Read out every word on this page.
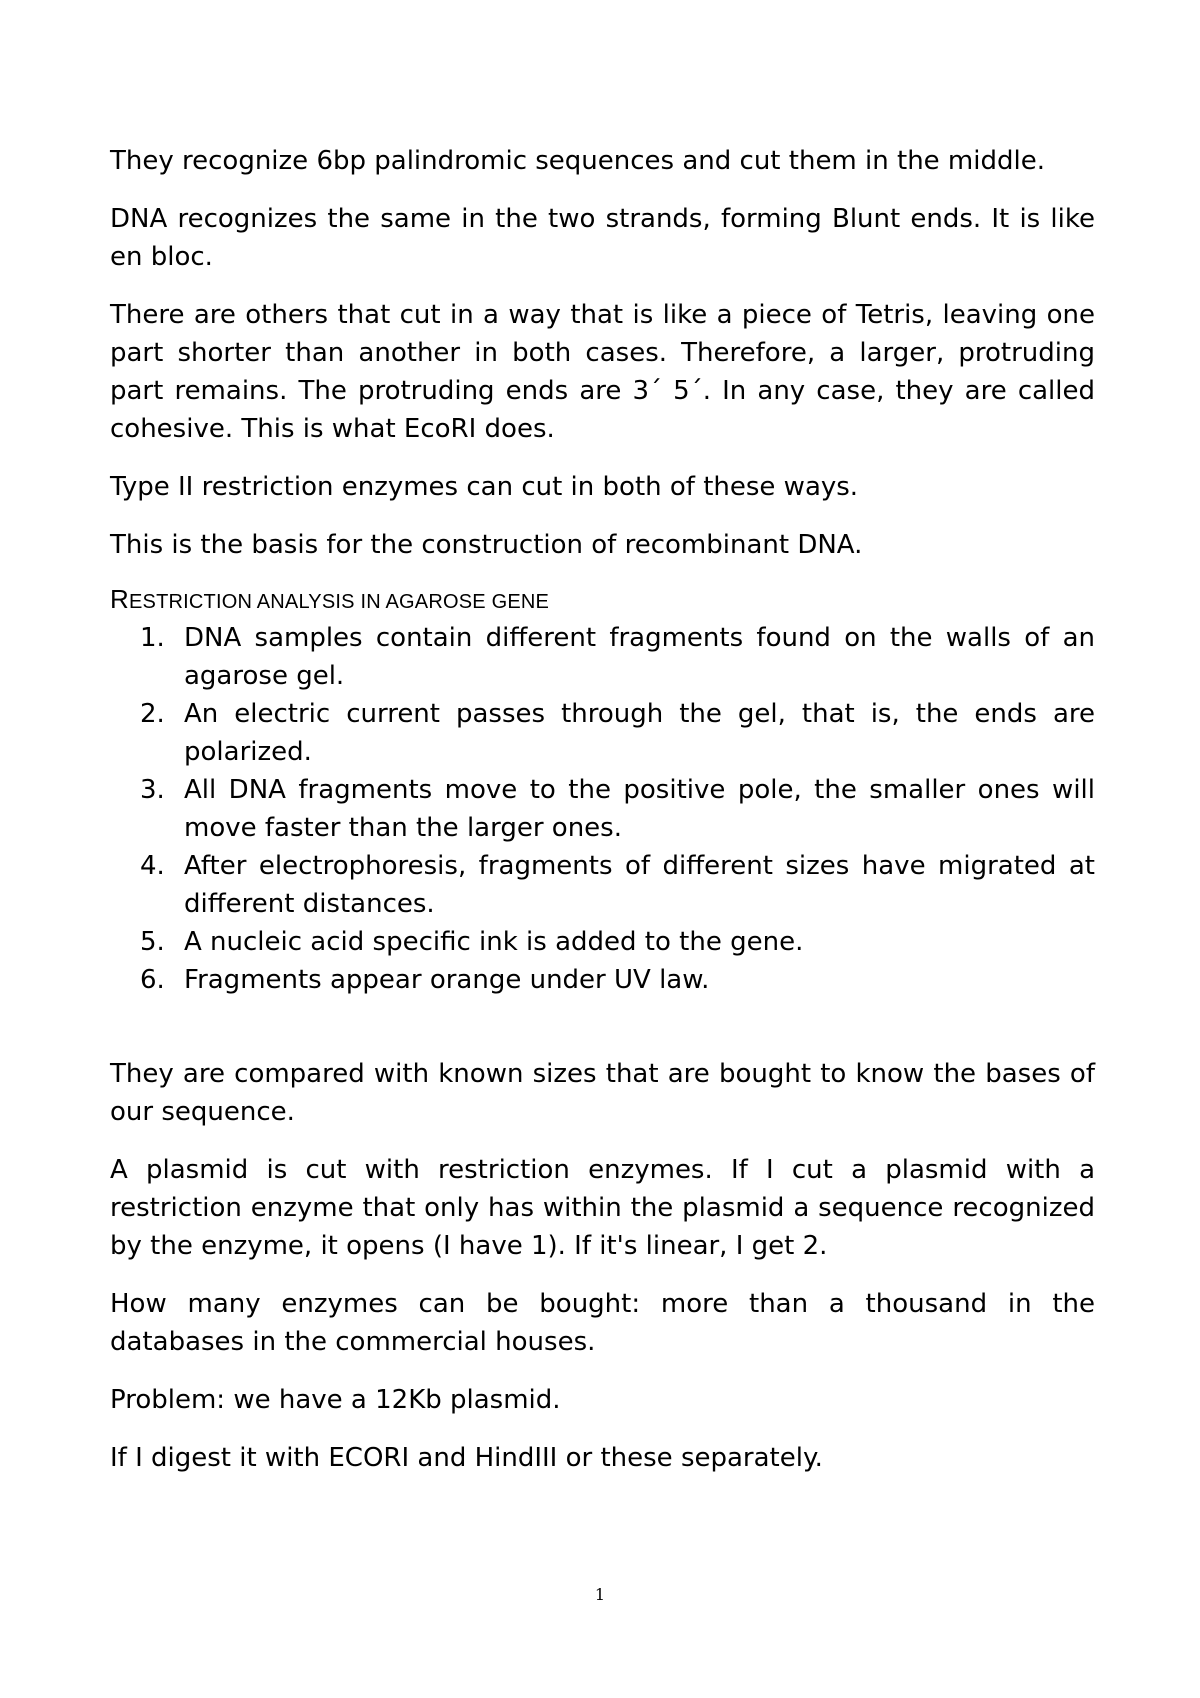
They recognize 6bp palindromic sequences and cut them in the middle.

DNA recognizes the same in the two strands, forming Blunt ends. It is like en bloc.

There are others that cut in a way that is like a piece of Tetris, leaving one part shorter than another in both cases. Therefore, a larger, protruding part remains. The protruding ends are 3´ 5´. In any case, they are called cohesive. This is what EcoRI does.

Type II restriction enzymes can cut in both of these ways.

This is the basis for the construction of recombinant DNA.

RESTRICTION ANALYSIS IN AGAROSE GENE
1. DNA samples contain different fragments found on the walls of an agarose gel.
2. An electric current passes through the gel, that is, the ends are polarized.
3. All DNA fragments move to the positive pole, the smaller ones will move faster than the larger ones.
4. After electrophoresis, fragments of different sizes have migrated at different distances.
5. A nucleic acid specific ink is added to the gene.
6. Fragments appear orange under UV law.

They are compared with known sizes that are bought to know the bases of our sequence.

A plasmid is cut with restriction enzymes. If I cut a plasmid with a restriction enzyme that only has within the plasmid a sequence recognized by the enzyme, it opens (I have 1). If it's linear, I get 2.

How many enzymes can be bought: more than a thousand in the databases in the commercial houses.

Problem: we have a 12Kb plasmid.

If I digest it with ECORI and HindIII or these separately.

1
